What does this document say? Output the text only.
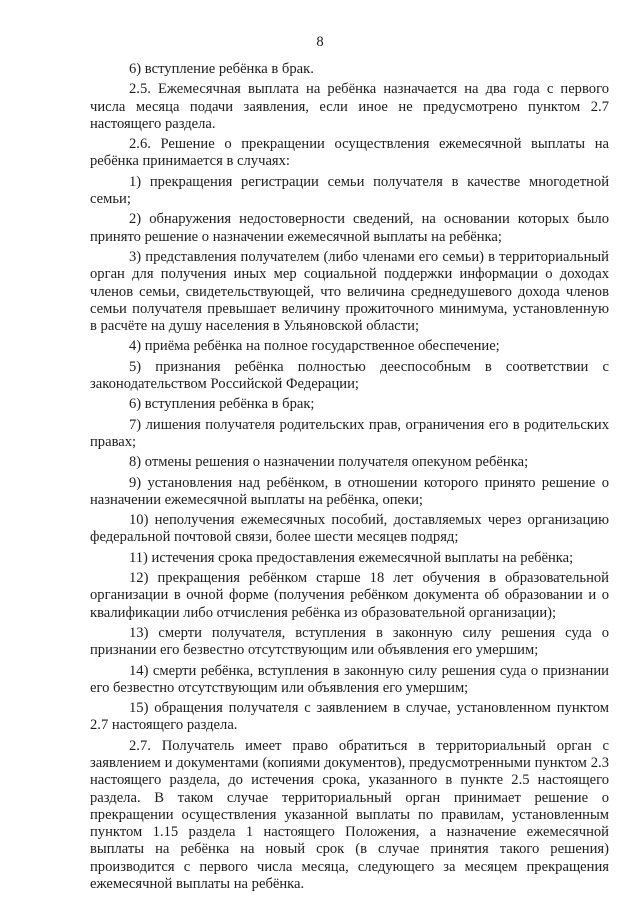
8

6) вступление ребёнка в брак.

2.5. Ежемесячная выплата на ребёнка назначается на два года с первого числа месяца подачи заявления, если иное не предусмотрено пунктом 2.7 настоящего раздела.

2.6. Решение о прекращении осуществления ежемесячной выплаты на ребёнка принимается в случаях:

1) прекращения регистрации семьи получателя в качестве многодетной семьи;

2) обнаружения недостоверности сведений, на основании которых было принято решение о назначении ежемесячной выплаты на ребёнка;

3) представления получателем (либо членами его семьи) в территориальный орган для получения иных мер социальной поддержки информации о доходах членов семьи, свидетельствующей, что величина среднедушевого дохода членов семьи получателя превышает величину прожиточного минимума, установленную в расчёте на душу населения в Ульяновской области;

4) приёма ребёнка на полное государственное обеспечение;

5) признания ребёнка полностью дееспособным в соответствии с законодательством Российской Федерации;

6) вступления ребёнка в брак;

7) лишения получателя родительских прав, ограничения его в родительских правах;

8) отмены решения о назначении получателя опекуном ребёнка;

9) установления над ребёнком, в отношении которого принято решение о назначении ежемесячной выплаты на ребёнка, опеки;

10) неполучения ежемесячных пособий, доставляемых через организацию федеральной почтовой связи, более шести месяцев подряд;

11) истечения срока предоставления ежемесячной выплаты на ребёнка;

12) прекращения ребёнком старше 18 лет обучения в образовательной организации в очной форме (получения ребёнком документа об образовании и о квалификации либо отчисления ребёнка из образовательной организации);

13) смерти получателя, вступления в законную силу решения суда о признании его безвестно отсутствующим или объявления его умершим;

14) смерти ребёнка, вступления в законную силу решения суда о признании его безвестно отсутствующим или объявления его умершим;

15) обращения получателя с заявлением в случае, установленном пунктом 2.7 настоящего раздела.

2.7. Получатель имеет право обратиться в территориальный орган с заявлением и документами (копиями документов), предусмотренными пунктом 2.3 настоящего раздела, до истечения срока, указанного в пункте 2.5 настоящего раздела. В таком случае территориальный орган принимает решение о прекращении осуществления указанной выплаты по правилам, установленным пунктом 1.15 раздела 1 настоящего Положения, а назначение ежемесячной выплаты на ребёнка на новый срок (в случае принятия такого решения) производится с первого числа месяца, следующего за месяцем прекращения ежемесячной выплаты на ребёнка.
